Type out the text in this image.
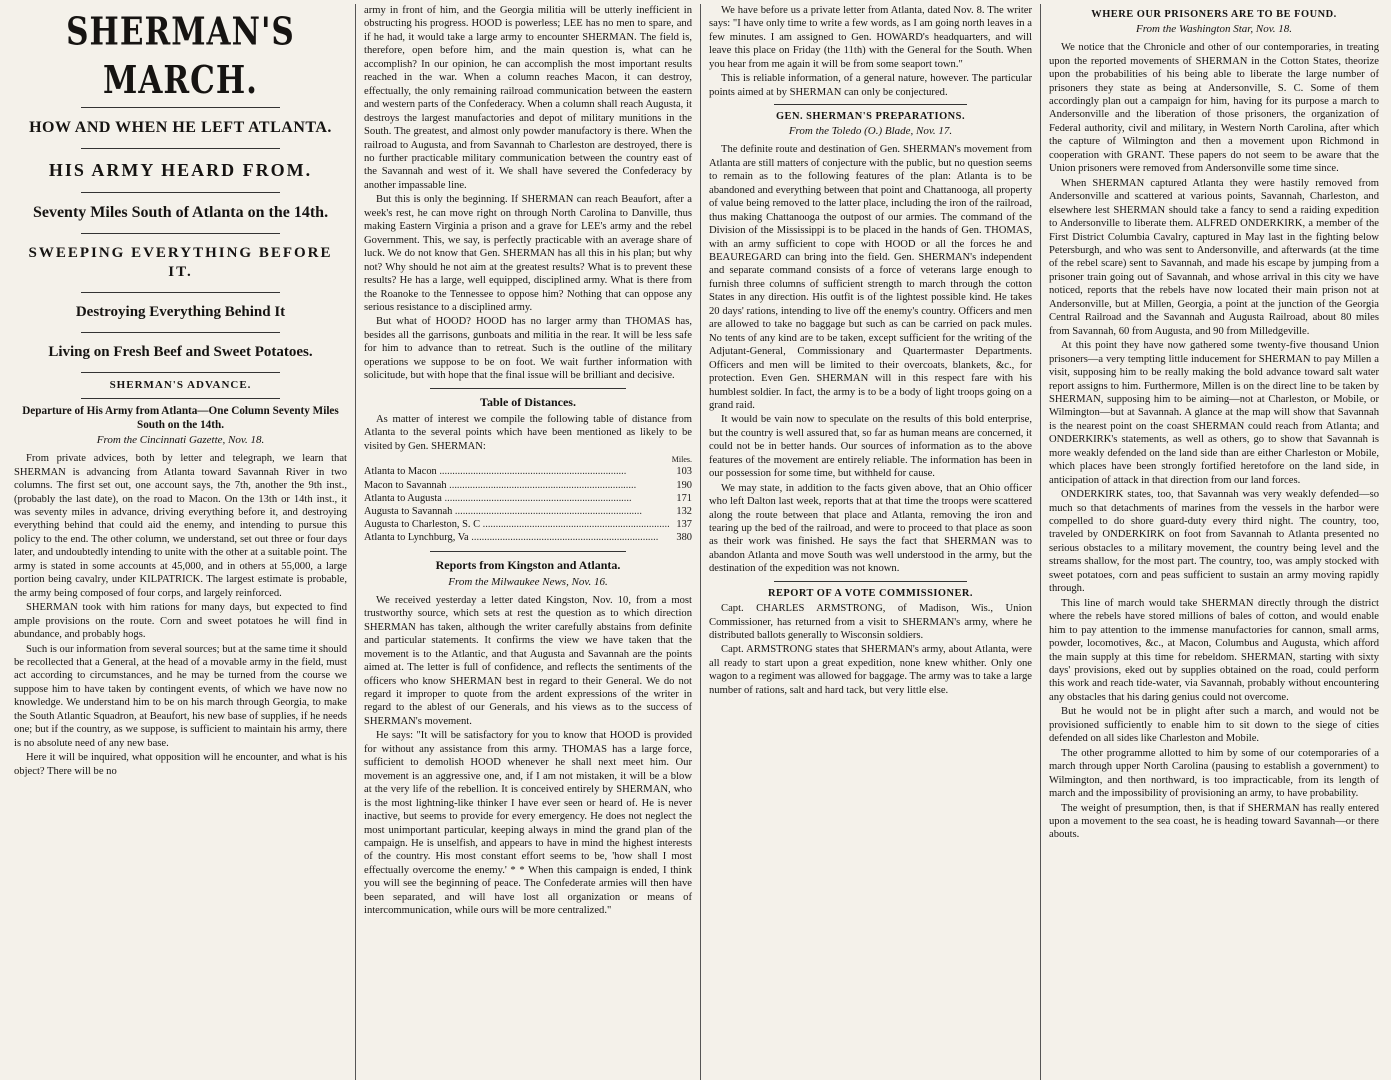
SHERMAN'S MARCH.
HOW AND WHEN HE LEFT ATLANTA.
HIS ARMY HEARD FROM.
Seventy Miles South of Atlanta on the 14th.
SWEEPING EVERYTHING BEFORE IT.
Destroying Everything Behind It
Living on Fresh Beef and Sweet Potatoes.
SHERMAN'S ADVANCE.
Departure of His Army from Atlanta—One Column Seventy Miles South on the 14th.
From the Cincinnati Gazette, Nov. 18.

From private advices, both by letter and telegraph, we learn that SHERMAN is advancing from Atlanta toward Savannah River in two columns. The first set out, one account says, the 7th, another the 9th inst., (probably the last date), on the road to Macon. On the 13th or 14th inst., it was seventy miles in advance, driving everything before it, and destroying everything behind that could aid the enemy, and intending to pursue this policy to the end. The other column, we understand, set out three or four days later, and undoubtedly intending to unite with the other at a suitable point. The army is stated in some accounts at 45,000, and in others at 55,000, a large portion being cavalry, under KILPATRICK. The largest estimate is probable, the army being composed of four corps, and largely reinforced.

SHERMAN took with him rations for many days, but expected to find ample provisions on the route. Corn and sweet potatoes he will find in abundance, and probably hogs.

Such is our information from several sources; but at the same time it should be recollected that a General, at the head of a movable army in the field, must act according to circumstances, and he may be turned from the course we suppose him to have taken by contingent events, of which we have now no knowledge. We understand him to be on his march through Georgia, to make the South Atlantic Squadron, at Beaufort, his new base of supplies, if he needs one; but if the country, as we suppose, is sufficient to maintain his army, there is no absolute need of any new base.

Here it will be inquired, what opposition will he encounter, and what is his object? There will be no

army in front of him, and the Georgia militia will be utterly inefficient in obstructing his progress. HOOD is powerless; LEE has no men to spare, and if he had, it would take a large army to encounter SHERMAN. The field is, therefore, open before him, and the main question is, what can he accomplish? In our opinion, he can accomplish the most important results reached in the war. When a column reaches Macon, it can destroy, effectually, the only remaining railroad communication between the eastern and western parts of the Confederacy. When a column shall reach Augusta, it destroys the largest manufactories and depot of military munitions in the South. The greatest, and almost only powder manufactory is there. When the railroad to Augusta, and from Savannah to Charleston are destroyed, there is no further practicable military communication between the country east of the Savannah and west of it. We shall have severed the Confederacy by another impassable line.

But this is only the beginning. If SHERMAN can reach Beaufort, after a week's rest, he can move right on through North Carolina to Danville, thus making Eastern Virginia a prison and a grave for LEE's army and the rebel Government. This, we say, is perfectly practicable with an average share of luck. We do not know that Gen. SHERMAN has all this in his plan; but why not? Why should he not aim at the greatest results? What is to prevent these results? He has a large, well equipped, disciplined army. What is there from the Roanoke to the Tennessee to oppose him? Nothing that can oppose any serious resistance to a disciplined army.

But what of HOOD? HOOD has no larger army than THOMAS has, besides all the garrisons, gunboats and militia in the rear. It will be less safe for him to advance than to retreat. Such is the outline of the military operations we suppose to be on foot. We wait further information with solicitude, but with hope that the final issue will be brilliant and decisive.

Table of Distances.

As matter of interest we compile the following table of distance from Atlanta to the several points which have been mentioned as likely to be visited by Gen. SHERMAN:

	Miles.
Atlanta to Macon .....	103
Macon to Savannah .....	190
Atlanta to Augusta .....	171
Augusta to Savannah .....	132
Augusta to Charleston, S. C .....	137
Atlanta to Lynchburg, Va .....	380
Reports from Kingston and Atlanta.
From the Milwaukee News, Nov. 16.

We received yesterday a letter dated Kingston, Nov. 10, from a most trustworthy source, which sets at rest the question as to which direction SHERMAN has taken, although the writer carefully abstains from definite and particular statements. It confirms the view we have taken that the movement is to the Atlantic, and that Augusta and Savannah are the points aimed at. The letter is full of confidence, and reflects the sentiments of the officers who know SHERMAN best in regard to their General. We do not regard it improper to quote from the ardent expressions of the writer in regard to the ablest of our Generals, and his views as to the success of SHERMAN's movement.

He says: "It will be satisfactory for you to know that HOOD is provided for without any assistance from this army. THOMAS has a large force, sufficient to demolish HOOD whenever he shall next meet him. Our movement is an aggressive one, and, if I am not mistaken, it will be a blow at the very life of the rebellion. It is conceived entirely by SHERMAN, who is the most lightning-like thinker I have ever seen or heard of. He is never inactive, but seems to provide for every emergency. He does not neglect the most unimportant particular, keeping always in mind the grand plan of the campaign. He is unselfish, and appears to have in mind the highest interests of the country. His most constant effort seems to be, 'how shall I most effectually overcome the enemy.' * * When this campaign is ended, I think you will see the beginning of peace. The Confederate armies will then have been separated, and will have lost all organization or means of intercommunication, while ours will be more centralized."

We have before us a private letter from Atlanta, dated Nov. 8. The writer says: "I have only time to write a few words, as I am going north leaves in a few minutes. I am assigned to Gen. HOWARD's headquarters, and will leave this place on Friday (the 11th) with the General for the South. When you hear from me again it will be from some seaport town."

This is reliable information, of a general nature, however. The particular points aimed at by SHERMAN can only be conjectured.

GEN. SHERMAN'S PREPARATIONS.
From the Toledo (O.) Blade, Nov. 17.

The definite route and destination of Gen. SHERMAN's movement from Atlanta are still matters of conjecture with the public, but no question seems to remain as to the following features of the plan: Atlanta is to be abandoned and everything between that point and Chattanooga, all property of value being removed to the latter place, including the iron of the railroad, thus making Chattanooga the outpost of our armies. The command of the Division of the Mississippi is to be placed in the hands of Gen. THOMAS, with an army sufficient to cope with HOOD or all the forces he and BEAUREGARD can bring into the field. Gen. SHERMAN's independent and separate command consists of a force of veterans large enough to furnish three columns of sufficient strength to march through the cotton States in any direction. His outfit is of the lightest possible kind. He takes 20 days' rations, intending to live off the enemy's country. Officers and men are allowed to take no baggage but such as can be carried on pack mules. No tents of any kind are to be taken, except sufficient for the writing of the Adjutant-General, Commissionary and Quartermaster Departments. Officers and men will be limited to their overcoats, blankets, &c., for protection. Even Gen. SHERMAN will in this respect fare with his humblest soldier. In fact, the army is to be a body of light troops going on a grand raid.

It would be vain now to speculate on the results of this bold enterprise, but the country is well assured that, so far as human means are concerned, it could not be in better hands. Our sources of information as to the above features of the movement are entirely reliable. The information has been in our possession for some time, but withheld for cause.

We may state, in addition to the facts given above, that an Ohio officer who left Dalton last week, reports that at that time the troops were scattered along the route between that place and Atlanta, removing the iron and tearing up the bed of the railroad, and were to proceed to that place as soon as their work was finished. He says the fact that SHERMAN was to abandon Atlanta and move South was well understood in the army, but the destination of the expedition was not known.

REPORT OF A VOTE COMMISSIONER.

Capt. CHARLES ARMSTRONG, of Madison, Wis., Union Commissioner, has returned from a visit to SHERMAN's army, where he distributed ballots generally to Wisconsin soldiers.

Capt. ARMSTRONG states that SHERMAN's army, about Atlanta, were all ready to start upon a great expedition, none knew whither. Only one wagon to a regiment was allowed for baggage. The army was to take a large number of rations, salt and hard tack, but very little else.

WHERE OUR PRISONERS ARE TO BE FOUND.
From the Washington Star, Nov. 18.

We notice that the Chronicle and other of our contemporaries, in treating upon the reported movements of SHERMAN in the Cotton States, theorize upon the probabilities of his being able to liberate the large number of prisoners they state as being at Andersonville, S. C. Some of them accordingly plan out a campaign for him, having for its purpose a march to Andersonville and the liberation of those prisoners, the organization of Federal authority, civil and military, in Western North Carolina, after which the capture of Wilmington and then a movement upon Richmond in cooperation with GRANT. These papers do not seem to be aware that the Union prisoners were removed from Andersonville some time since.

When SHERMAN captured Atlanta they were hastily removed from Andersonville and scattered at various points, Savannah, Charleston, and elsewhere lest SHERMAN should take a fancy to send a raiding expedition to Andersonville to liberate them. ALFRED ONDERKIRK, a member of the First District Columbia Cavalry, captured in May last in the fighting below Petersburgh, and who was sent to Andersonville, and afterwards (at the time of the rebel scare) sent to Savannah, and made his escape by jumping from a prisoner train going out of Savannah, and whose arrival in this city we have noticed, reports that the rebels have now located their main prison not at Andersonville, but at Millen, Georgia, a point at the junction of the Georgia Central Railroad and the Savannah and Augusta Railroad, about 80 miles from Savannah, 60 from Augusta, and 90 from Milledgeville.

At this point they have now gathered some twenty-five thousand Union prisoners—a very tempting little inducement for SHERMAN to pay Millen a visit, supposing him to be really making the bold advance toward salt water report assigns to him. Furthermore, Millen is on the direct line to be taken by SHERMAN, supposing him to be aiming—not at Charleston, or Mobile, or Wilmington—but at Savannah. A glance at the map will show that Savannah is the nearest point on the coast SHERMAN could reach from Atlanta; and ONDERKIRK's statements, as well as others, go to show that Savannah is more weakly defended on the land side than are either Charleston or Mobile, which places have been strongly fortified heretofore on the land side, in anticipation of attack in that direction from our land forces.

ONDERKIRK states, too, that Savannah was very weakly defended—so much so that detachments of marines from the vessels in the harbor were compelled to do shore guard-duty every third night. The country, too, traveled by ONDERKIRK on foot from Savannah to Atlanta presented no serious obstacles to a military movement, the country being level and the streams shallow, for the most part. The country, too, was amply stocked with sweet potatoes, corn and peas sufficient to sustain an army moving rapidly through.

This line of march would take SHERMAN directly through the district where the rebels have stored millions of bales of cotton, and would enable him to pay attention to the immense manufactories for cannon, small arms, powder, locomotives, &c., at Macon, Columbus and Augusta, which afford the main supply at this time for rebeldom. SHERMAN, starting with sixty days' provisions, eked out by supplies obtained on the road, could perform this work and reach tide-water, via Savannah, probably without encountering any obstacles that his daring genius could not overcome.

But he would not be in plight after such a march, and would not be provisioned sufficiently to enable him to sit down to the siege of cities defended on all sides like Charleston and Mobile.

The other programme allotted to him by some of our cotemporaries of a march through upper North Carolina (pausing to establish a government) to Wilmington, and then northward, is too impracticable, from its length of march and the impossibility of provisioning an army, to have probability.

The weight of presumption, then, is that if SHERMAN has really entered upon a movement to the sea coast, he is heading toward Savannah—or there abouts.
